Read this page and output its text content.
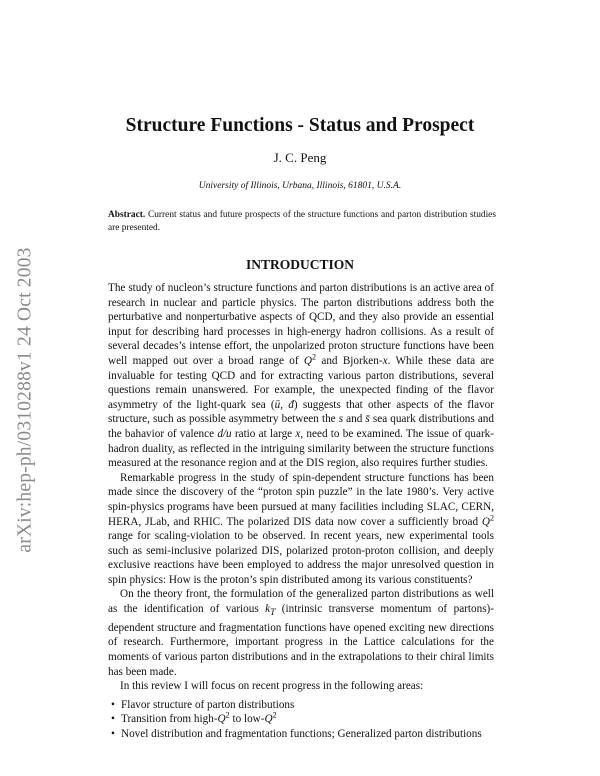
arXiv:hep-ph/0310288v1 24 Oct 2003
Structure Functions - Status and Prospect
J. C. Peng
University of Illinois, Urbana, Illinois, 61801, U.S.A.

Abstract. Current status and future prospects of the structure functions and parton distribution studies are presented.

INTRODUCTION

The study of nucleon’s structure functions and parton distributions is an active area of research in nuclear and particle physics. The parton distributions address both the perturbative and nonperturbative aspects of QCD, and they also provide an essential input for describing hard processes in high-energy hadron collisions. As a result of several decades’s intense effort, the unpolarized proton structure functions have been well mapped out over a broad range of $Q^2$ and Bjorken-x. While these data are invaluable for testing QCD and for extracting various parton distributions, several questions remain unanswered. For example, the unexpected finding of the flavor asymmetry of the light-quark sea (ū, đ) suggests that other aspects of the flavor structure, such as possible asymmetry between the s and s̄ sea quark distributions and the bahavior of valence d/u ratio at large x, need to be examined. The issue of quark-hadron duality, as reflected in the intriguing similarity between the structure functions measured at the resonance region and at the DIS region, also requires further studies.

Remarkable progress in the study of spin-dependent structure functions has been made since the discovery of the “proton spin puzzle” in the late 1980’s. Very active spin-physics programs have been pursued at many facilities including SLAC, CERN, HERA, JLab, and RHIC. The polarized DIS data now cover a sufficiently broad $Q^2$ range for scaling-violation to be observed. In recent years, new experimental tools such as semi-inclusive polarized DIS, polarized proton-proton collision, and deeply exclusive reactions have been employed to address the major unresolved question in spin physics: How is the proton’s spin distributed among its various constituents?

On the theory front, the formulation of the generalized parton distributions as well as the identification of various $k_T$ (intrinsic transverse momentum of partons)-dependent structure and fragmentation functions have opened exciting new directions of research. Furthermore, important progress in the Lattice calculations for the moments of various parton distributions and in the extrapolations to their chiral limits has been made.

In this review I will focus on recent progress in the following areas:

• Flavor structure of parton distributions
• Transition from high-$Q^2$ to low-$Q^2$
• Novel distribution and fragmentation functions; Generalized parton distributions
